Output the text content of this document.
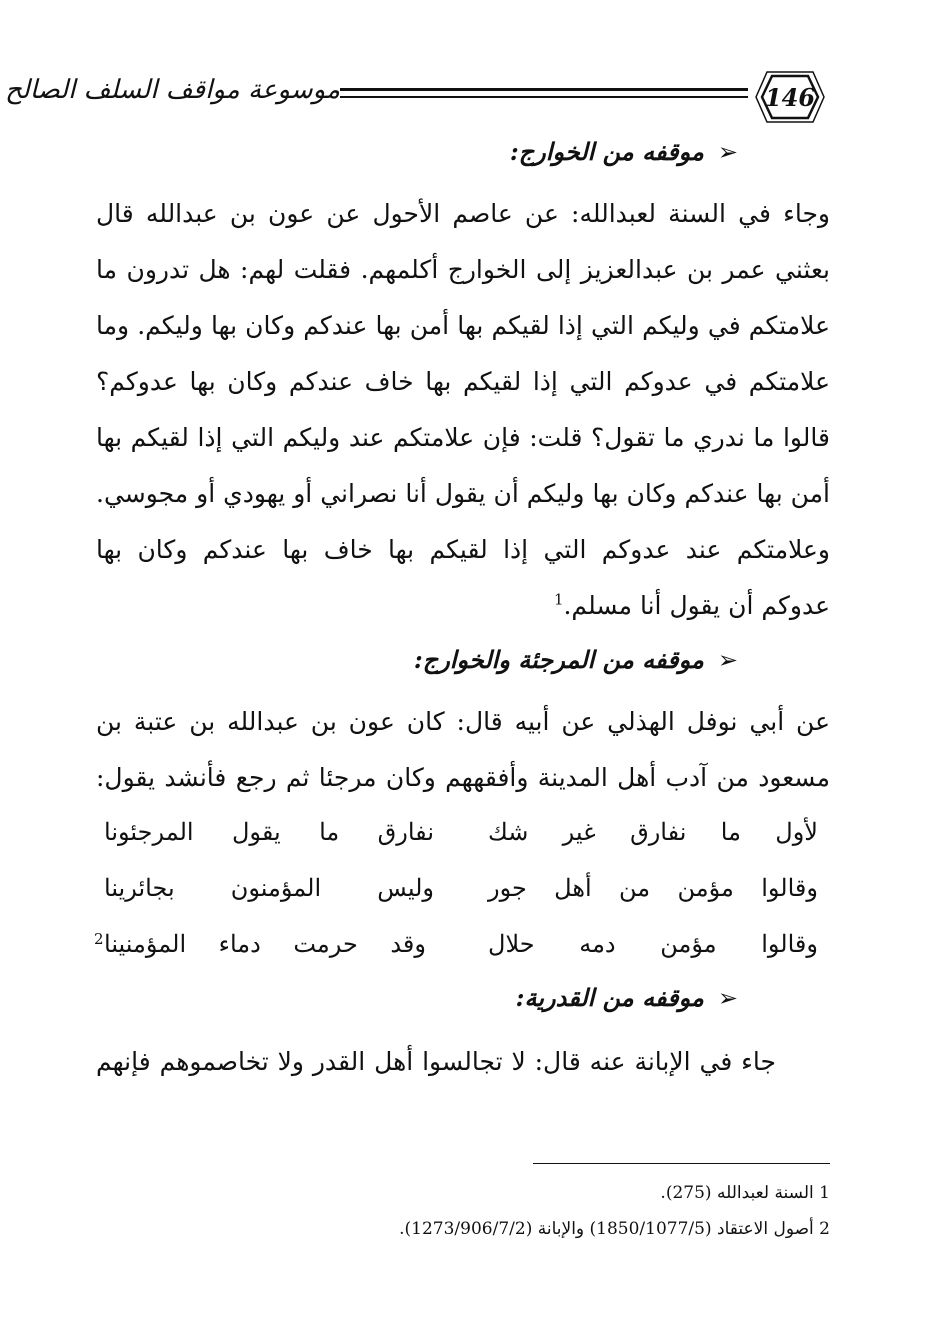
موسوعة مواقف السلف الصالح	146
➢موقفه من الخوارج:
وجاء في السنة لعبدالله: عن عاصم الأحول عن عون بن عبدالله قال
بعثني عمر بن عبدالعزيز إلى الخوارج أكلمهم. فقلت لهم: هل تدرون ما
علامتكم في وليكم التي إذا لقيكم بها أمن بها عندكم وكان بها وليكم. وما
علامتكم في عدوكم التي إذا لقيكم بها خاف عندكم وكان بها عدوكم؟
قالوا ما ندري ما تقول؟ قلت: فإن علامتكم عند وليكم التي إذا لقيكم بها
أمن بها عندكم وكان بها وليكم أن يقول أنا نصراني أو يهودي أو مجوسي.
وعلامتكم عند عدوكم التي إذا لقيكم بها خاف بها عندكم وكان بها
عدوكم أن يقول أنا مسلم.$^1$
➢موقفه من المرجئة والخوارج:
عن أبي نوفل الهذلي عن أبيه قال: كان عون بن عبدالله بن عتبة بن
مسعود من آدب أهل المدينة وأفقههم وكان مرجئا ثم رجع فأنشد يقول:
لأول ما نفارق غير شك
نفارق ما يقول المرجئونا
وقالوا مؤمن من أهل جور
وليس المؤمنون بجائرينا
وقالوا مؤمن دمه حلال
وقد حرمت دماء المؤمنينا
2
➢موقفه من القدرية:
جاء في الإبانة عنه قال: لا تجالسوا أهل القدر ولا تخاصموهم فإنهم
1 السنة لعبدالله (275).
2 أصول الاعتقاد (1850/1077/5) والإبانة (1273/906/7/2).
